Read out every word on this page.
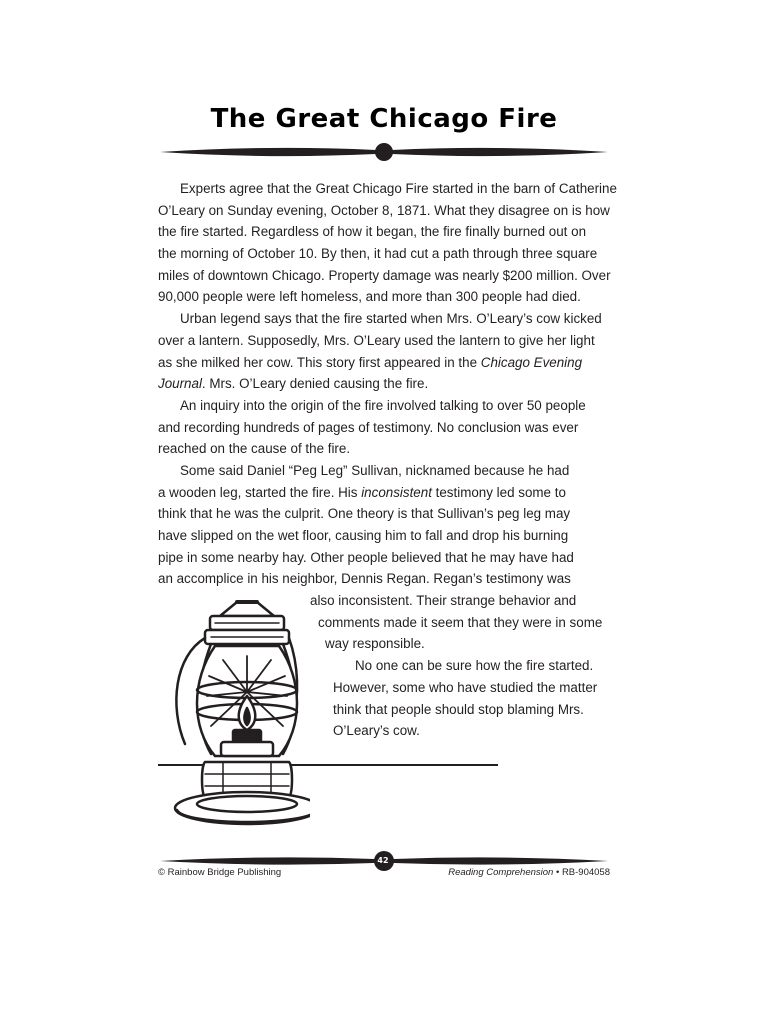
The Great Chicago Fire
Experts agree that the Great Chicago Fire started in the barn of Catherine
O’Leary on Sunday evening, October 8, 1871. What they disagree on is how
the fire started. Regardless of how it began, the fire finally burned out on
the morning of October 10. By then, it had cut a path through three square
miles of downtown Chicago. Property damage was nearly $200 million. Over
90,000 people were left homeless, and more than 300 people had died.
Urban legend says that the fire started when Mrs. O’Leary’s cow kicked
over a lantern. Supposedly, Mrs. O’Leary used the lantern to give her light
as she milked her cow. This story first appeared in the Chicago Evening
Journal. Mrs. O’Leary denied causing the fire.
An inquiry into the origin of the fire involved talking to over 50 people
and recording hundreds of pages of testimony. No conclusion was ever
reached on the cause of the fire.
Some said Daniel “Peg Leg” Sullivan, nicknamed because he had
a wooden leg, started the fire. His inconsistent testimony led some to
think that he was the culprit. One theory is that Sullivan’s peg leg may
have slipped on the wet floor, causing him to fall and drop his burning
pipe in some nearby hay. Other people believed that he may have had
an accomplice in his neighbor, Dennis Regan. Regan’s testimony was
also inconsistent. Their strange behavior and
comments made it seem that they were in some
way responsible.
No one can be sure how the fire started.
However, some who have studied the matter
think that people should stop blaming Mrs.
O’Leary’s cow.
42
© Rainbow Bridge Publishing	Reading Comprehension • RB-904058
